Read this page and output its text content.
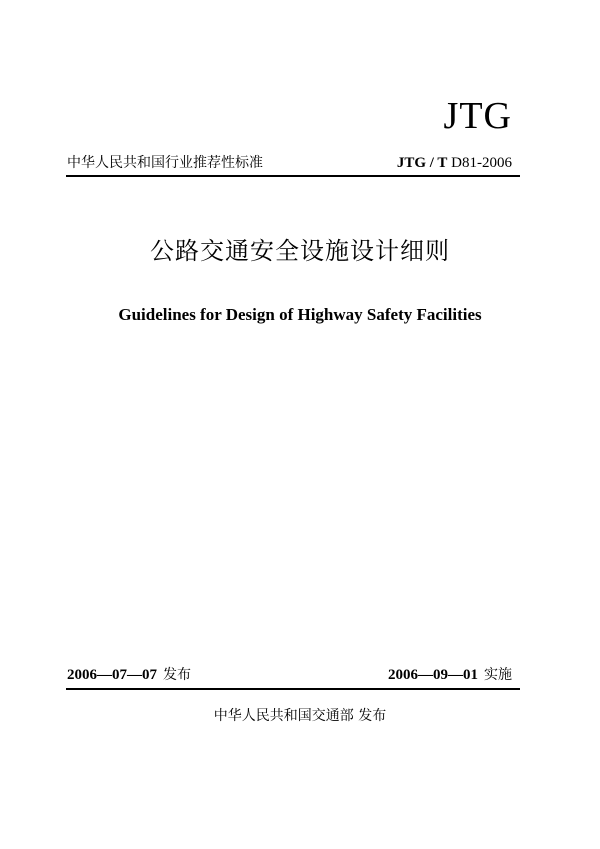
JTG
中华人民共和国行业推荐性标准	JTG / T D81-2006
公路交通安全设施设计细则
Guidelines for Design of Highway Safety Facilities
2006—07—07 发布	2006—09—01 实施
中华人民共和国交通部 发布
